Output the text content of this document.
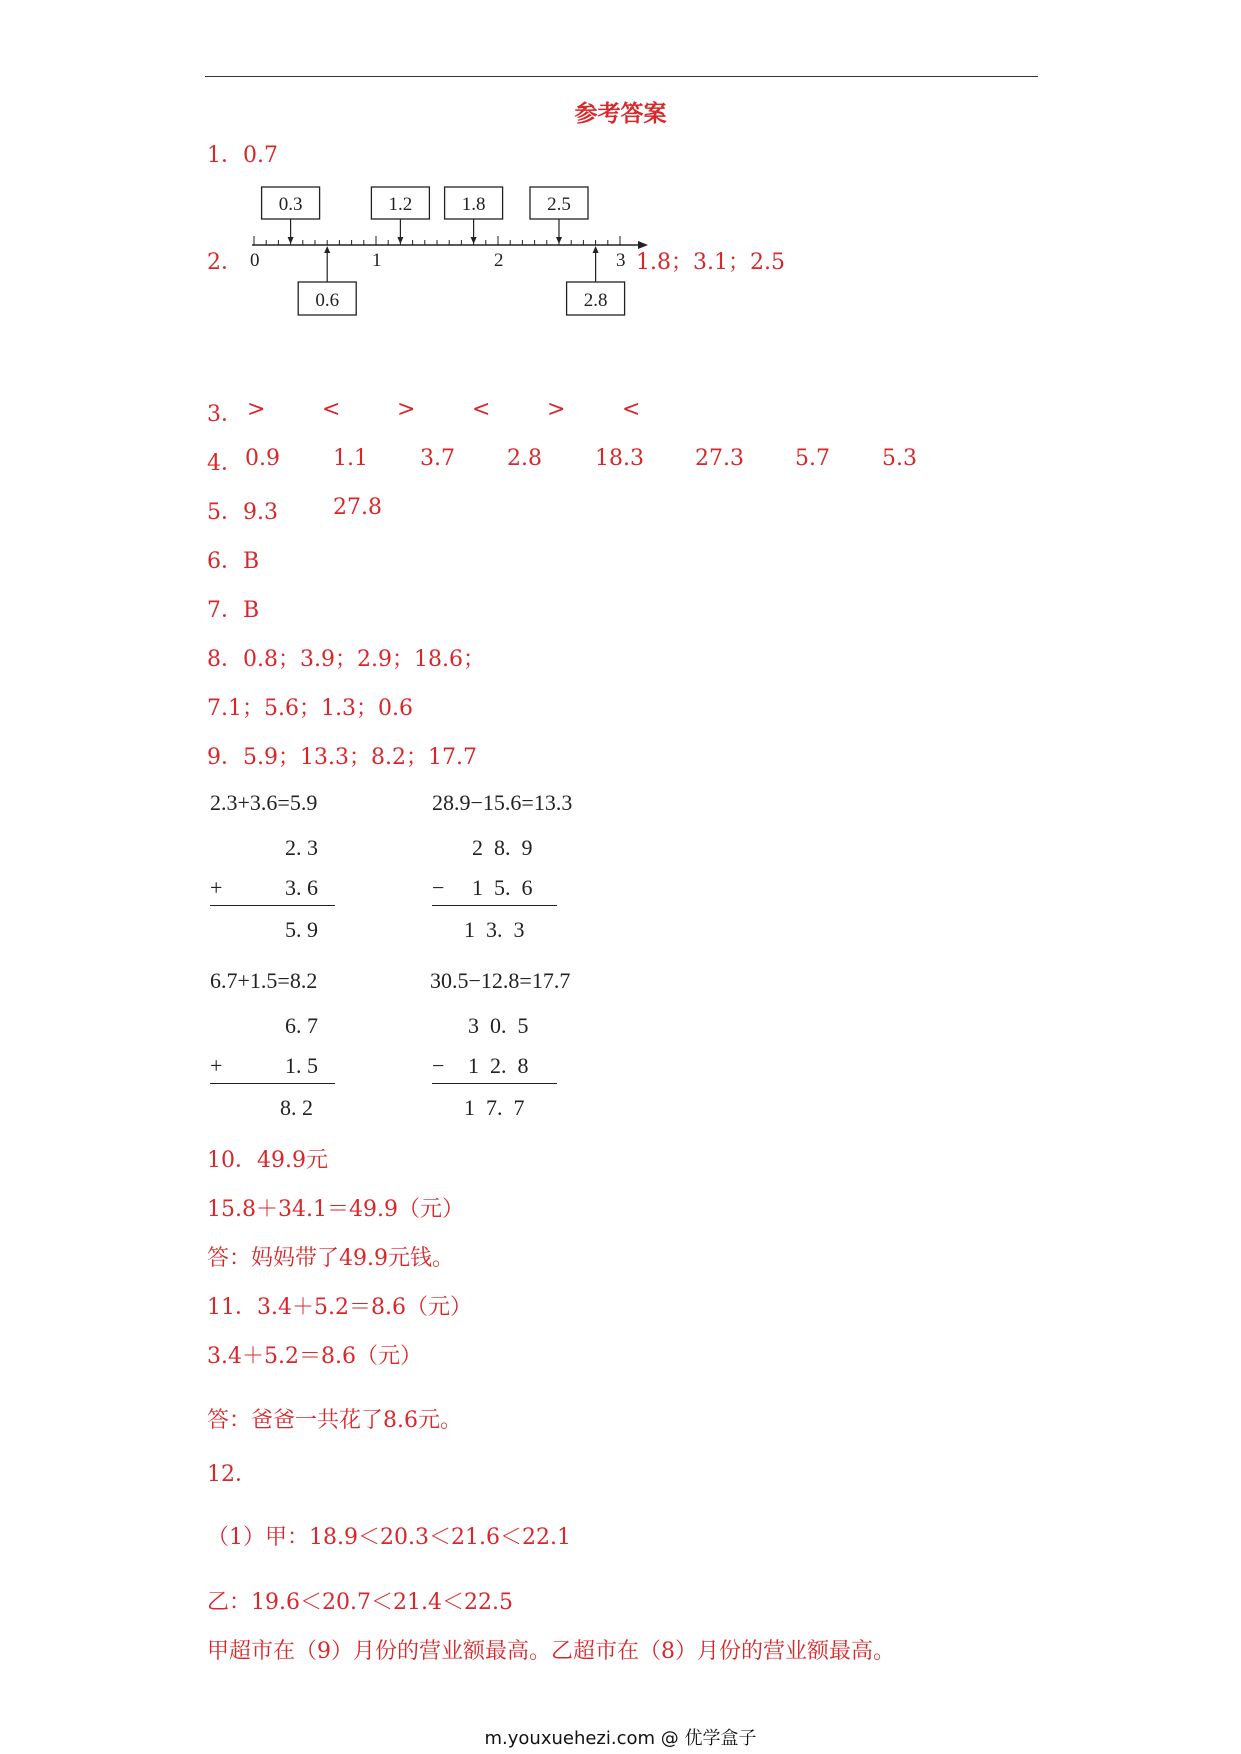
参考答案
1．0.7
2． 0	1	2	3
0.3	1.2	1.8	2.5
0.6	2.8
1.8；3.1；2.5
3． >	<	>	<	>	<
4． 0.9 1.1 3.7 2.8 18.3 27.3 5.7 5.3
5．9.3	27.8
6．B
7．B
8．0.8；3.9；2.9；18.6；
7.1；5.6；1.3；0.6
9．5.9；13.3；8.2；17.7
2.3+3.6=5.9	28.9−15.6=13.3
2. 3
+	3. 6
5. 9
2  8.  9
− 1  5.  6
1  3.  3
6.7+1.5=8.2	30.5−12.8=17.7
6. 7
+	1. 5
8. 2
3  0.  5
− 1  2.  8
1  7.  7
10．49.9元
15.8＋34.1＝49.9（元）
答：妈妈带了49.9元钱。
11．3.4＋5.2＝8.6（元）
3.4＋5.2＝8.6（元）
答：爸爸一共花了8.6元。
12．
（1）甲：18.9＜20.3＜21.6＜22.1
乙：19.6＜20.7＜21.4＜22.5
甲超市在（9）月份的营业额最高。乙超市在（8）月份的营业额最高。
m.youxuehezi.com @ 优学盒子
